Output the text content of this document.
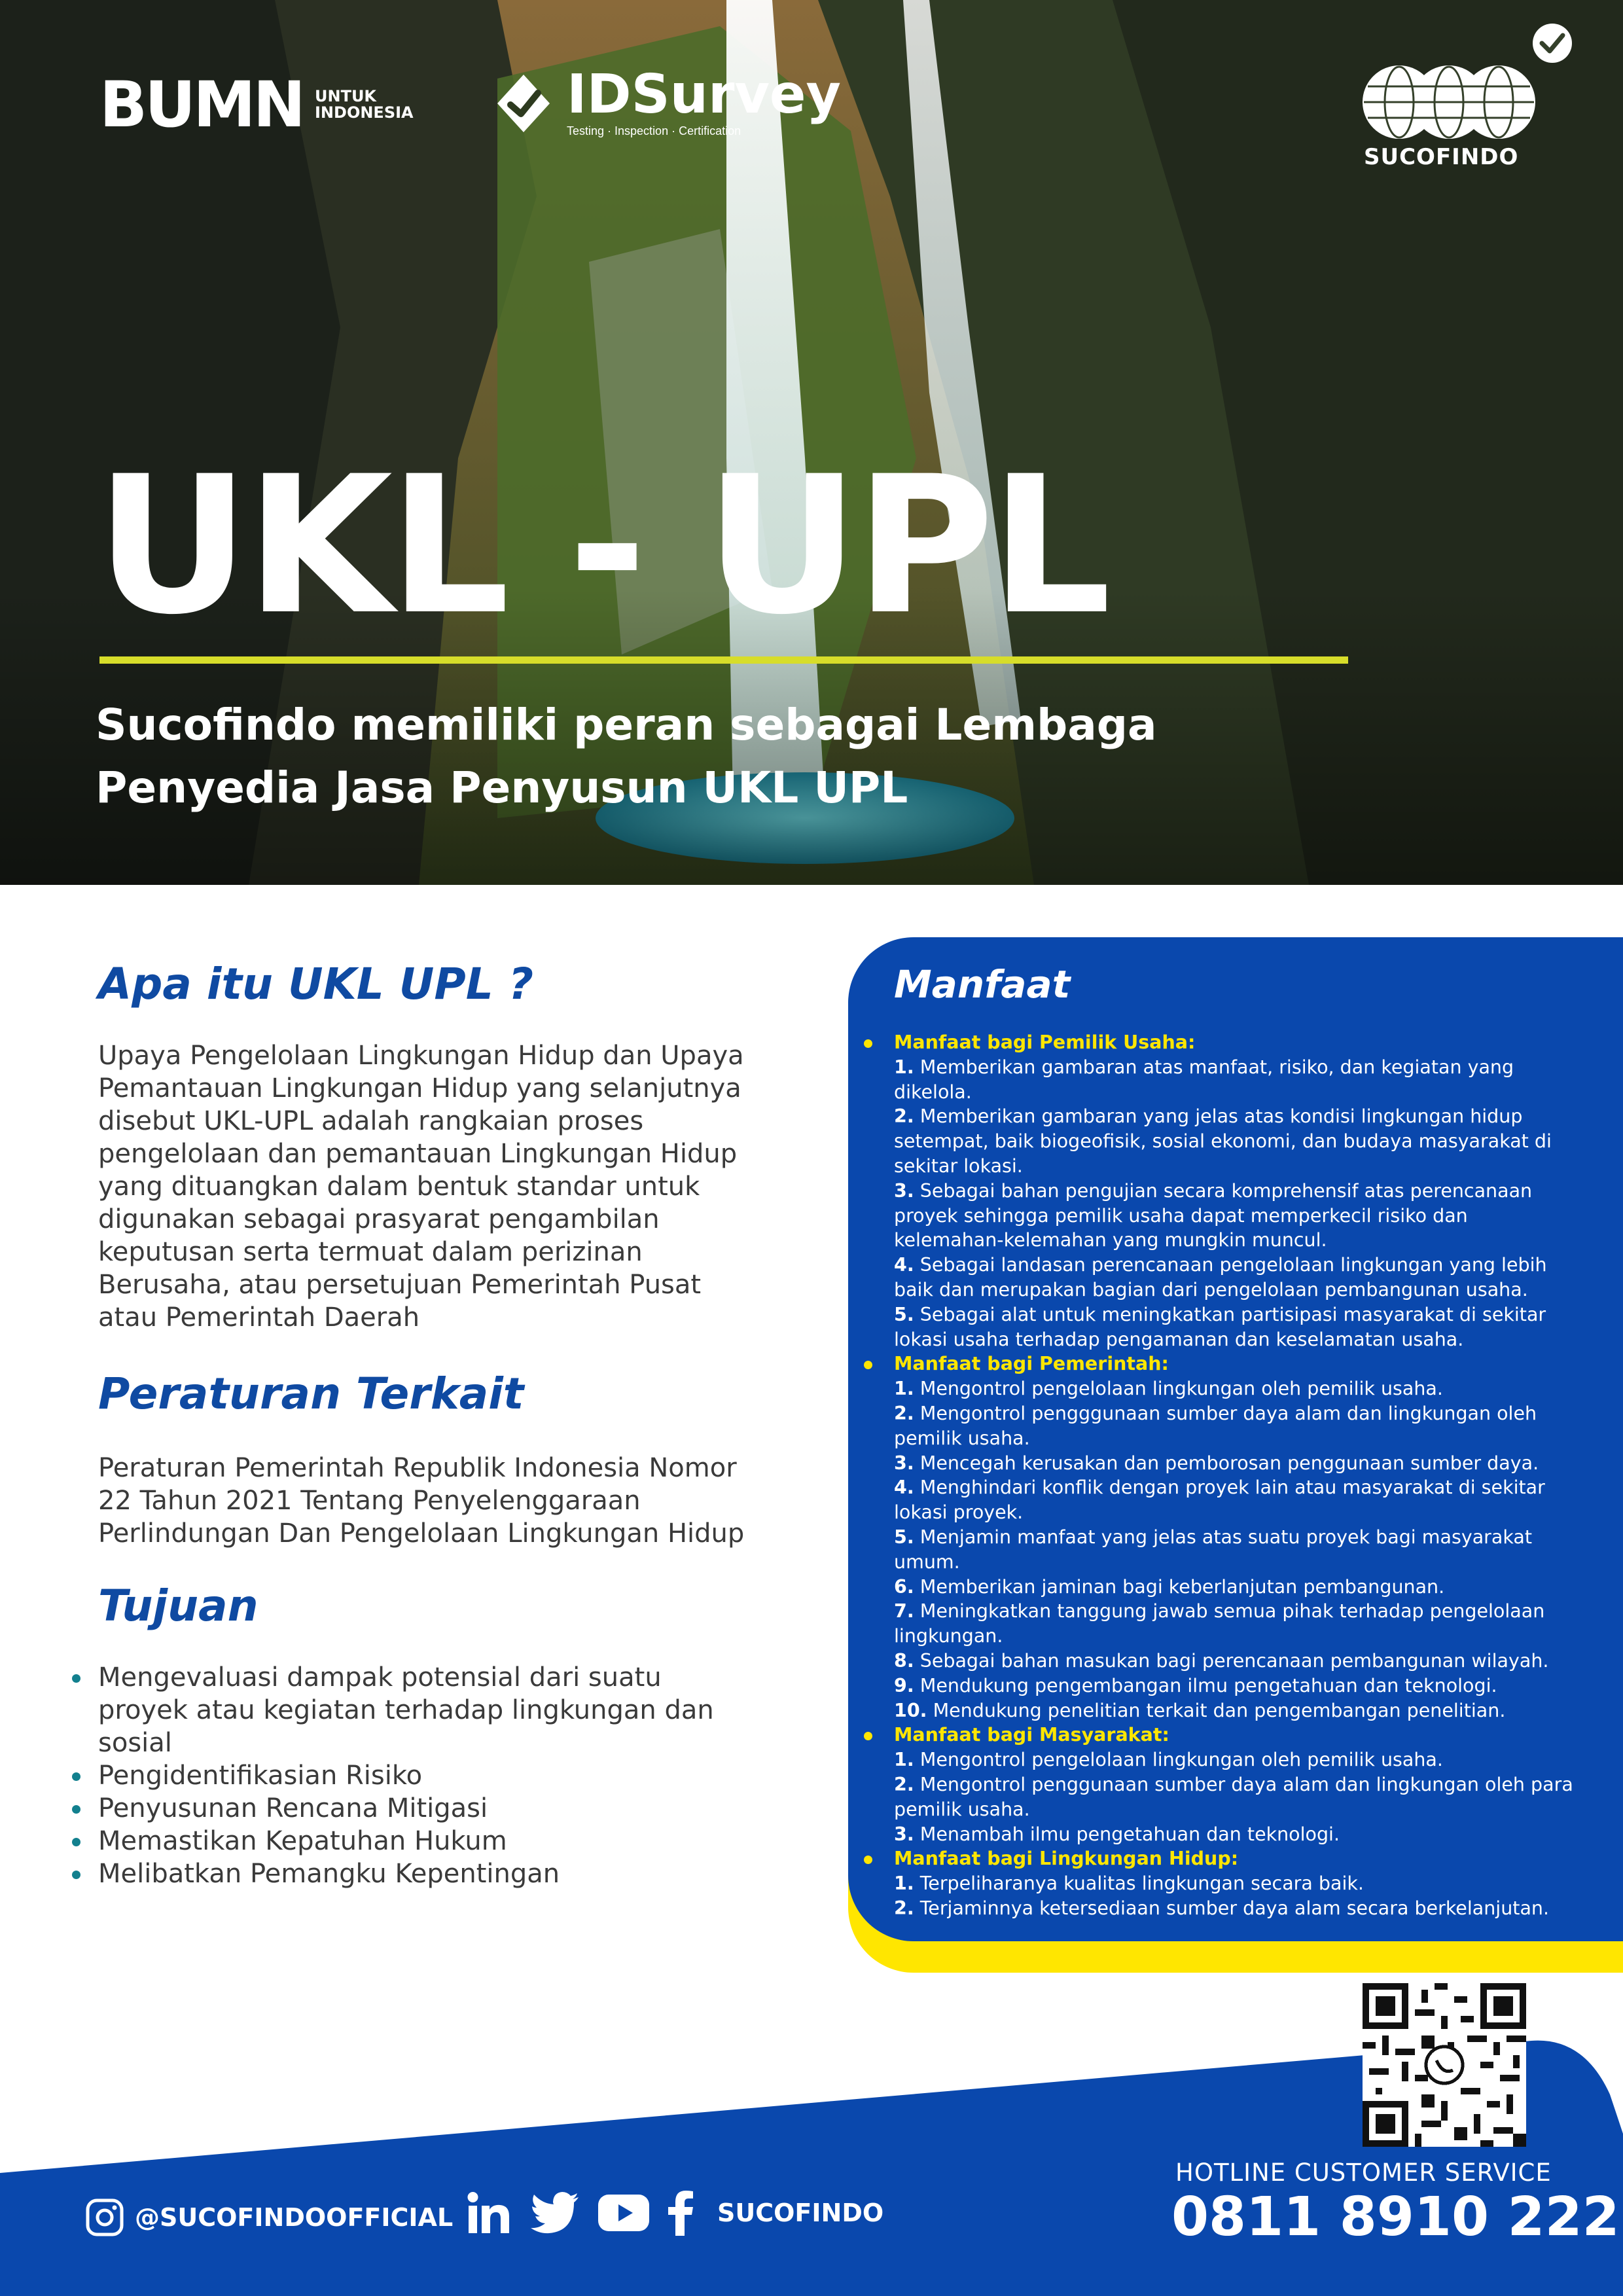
BUMN UNTUK
INDONESIA	IDSurvey
Testing · Inspection · Certification
SUCOFINDO
UKL - UPL
Sucofindo memiliki peran sebagai Lembaga
Penyedia Jasa Penyusun UKL UPL
Apa itu UKL UPL ?
Upaya Pengelolaan Lingkungan Hidup dan Upaya
Pemantauan Lingkungan Hidup yang selanjutnya
disebut UKL-UPL adalah rangkaian proses
pengelolaan dan pemantauan Lingkungan Hidup
yang dituangkan dalam bentuk standar untuk
digunakan sebagai prasyarat pengambilan
keputusan serta termuat dalam perizinan
Berusaha, atau persetujuan Pemerintah Pusat
atau Pemerintah Daerah
Peraturan Terkait
Peraturan Pemerintah Republik Indonesia Nomor
22 Tahun 2021 Tentang Penyelenggaraan
Perlindungan Dan Pengelolaan Lingkungan Hidup
Tujuan
Mengevaluasi dampak potensial dari suatu
proyek atau kegiatan terhadap lingkungan dan
sosial
Pengidentifikasian Risiko
Penyusunan Rencana Mitigasi
Memastikan Kepatuhan Hukum
Melibatkan Pemangku Kepentingan
Manfaat
Manfaat bagi Pemilik Usaha:
1. Memberikan gambaran atas manfaat, risiko, dan kegiatan yang
dikelola.
2. Memberikan gambaran yang jelas atas kondisi lingkungan hidup
setempat, baik biogeofisik, sosial ekonomi, dan budaya masyarakat di
sekitar lokasi.
3. Sebagai bahan pengujian secara komprehensif atas perencanaan
proyek sehingga pemilik usaha dapat memperkecil risiko dan
kelemahan-kelemahan yang mungkin muncul.
4. Sebagai landasan perencanaan pengelolaan lingkungan yang lebih
baik dan merupakan bagian dari pengelolaan pembangunan usaha.
5. Sebagai alat untuk meningkatkan partisipasi masyarakat di sekitar
lokasi usaha terhadap pengamanan dan keselamatan usaha.
Manfaat bagi Pemerintah:
1. Mengontrol pengelolaan lingkungan oleh pemilik usaha.
2. Mengontrol pengggunaan sumber daya alam dan lingkungan oleh
pemilik usaha.
3. Mencegah kerusakan dan pemborosan penggunaan sumber daya.
4. Menghindari konflik dengan proyek lain atau masyarakat di sekitar
lokasi proyek.
5. Menjamin manfaat yang jelas atas suatu proyek bagi masyarakat
umum.
6. Memberikan jaminan bagi keberlanjutan pembangunan.
7. Meningkatkan tanggung jawab semua pihak terhadap pengelolaan
lingkungan.
8. Sebagai bahan masukan bagi perencanaan pembangunan wilayah.
9. Mendukung pengembangan ilmu pengetahuan dan teknologi.
10. Mendukung penelitian terkait dan pengembangan penelitian.
Manfaat bagi Masyarakat:
1. Mengontrol pengelolaan lingkungan oleh pemilik usaha.
2. Mengontrol penggunaan sumber daya alam dan lingkungan oleh para
pemilik usaha.
3. Menambah ilmu pengetahuan dan teknologi.
Manfaat bagi Lingkungan Hidup:
1. Terpeliharanya kualitas lingkungan secara baik.
2. Terjaminnya ketersediaan sumber daya alam secara berkelanjutan.
HOTLINE CUSTOMER SERVICE
0811 8910 222
@SUCOFINDOOFFICIAL	SUCOFINDO
